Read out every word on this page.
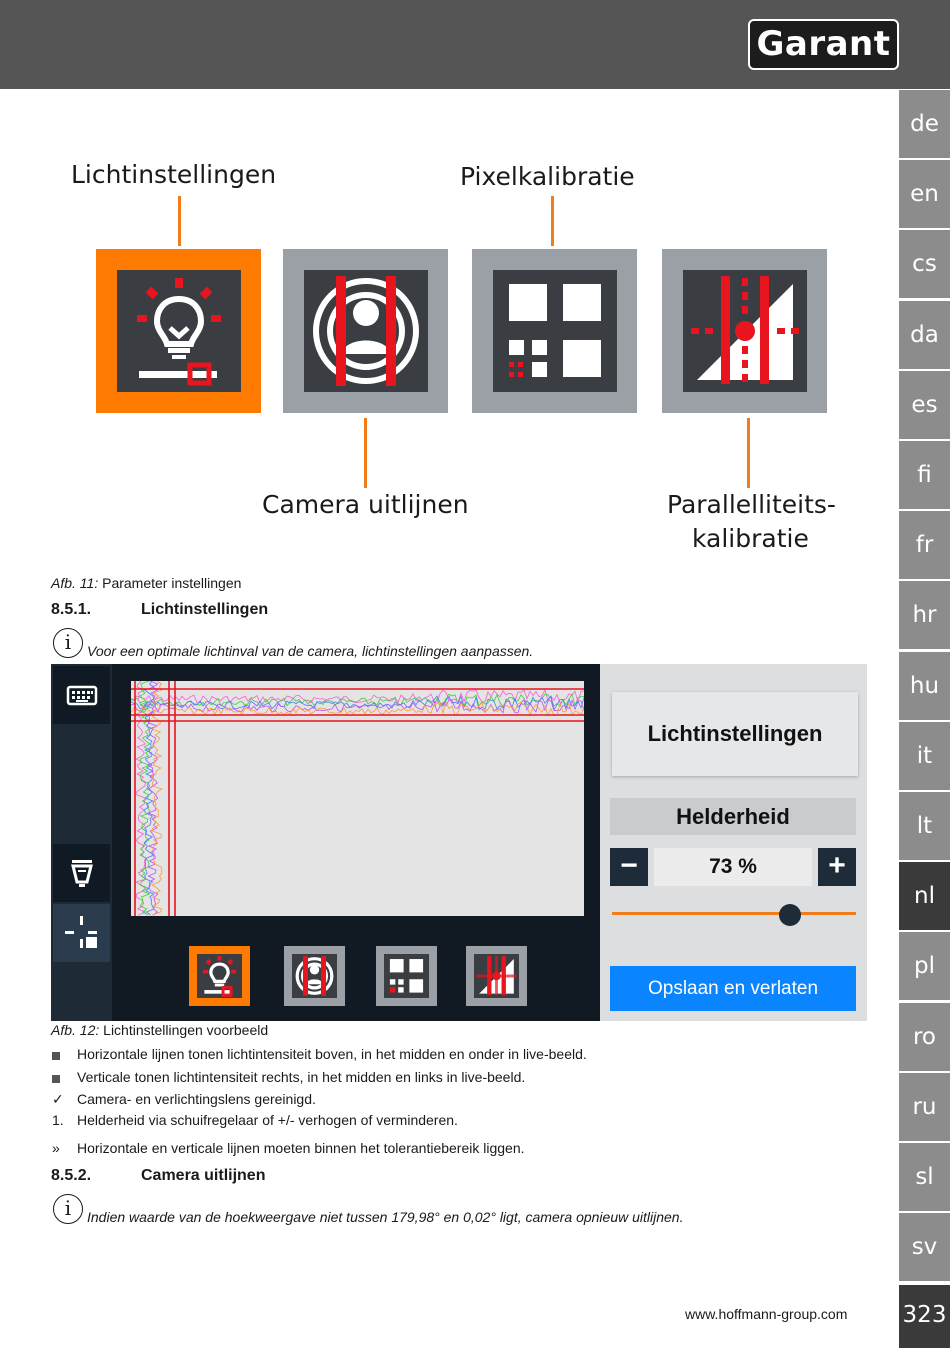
Garant
de
en
cs
da
es
fi
fr
hr
hu
it
lt
nl
pl
ro
ru
sl
sv
323
Lichtinstellingen	Pixelkalibratie
Camera uitlijnen	Parallelliteits-
kalibratie
Afb. 11: Parameter instellingen
8.5.1.	Lichtinstellingen
i	Voor een optimale lichtinval van de camera, lichtinstellingen aanpassen.
Lichtinstellingen
Helderheid
−	73 %	+
Opslaan en verlaten
Afb. 12: Lichtinstellingen voorbeeld
Horizontale lijnen tonen lichtintensiteit boven, in het midden en onder in live-beeld.
Verticale tonen lichtintensiteit rechts, in het midden en links in live-beeld.
✓ Camera- en verlichtingslens gereinigd.
1. Helderheid via schuifregelaar of +/- verhogen of verminderen.
» Horizontale en verticale lijnen moeten binnen het tolerantiebereik liggen.
8.5.2.	Camera uitlijnen
i	Indien waarde van de hoekweergave niet tussen 179,98° en 0,02° ligt, camera opnieuw uitlijnen.
www.hoffmann-group.com
